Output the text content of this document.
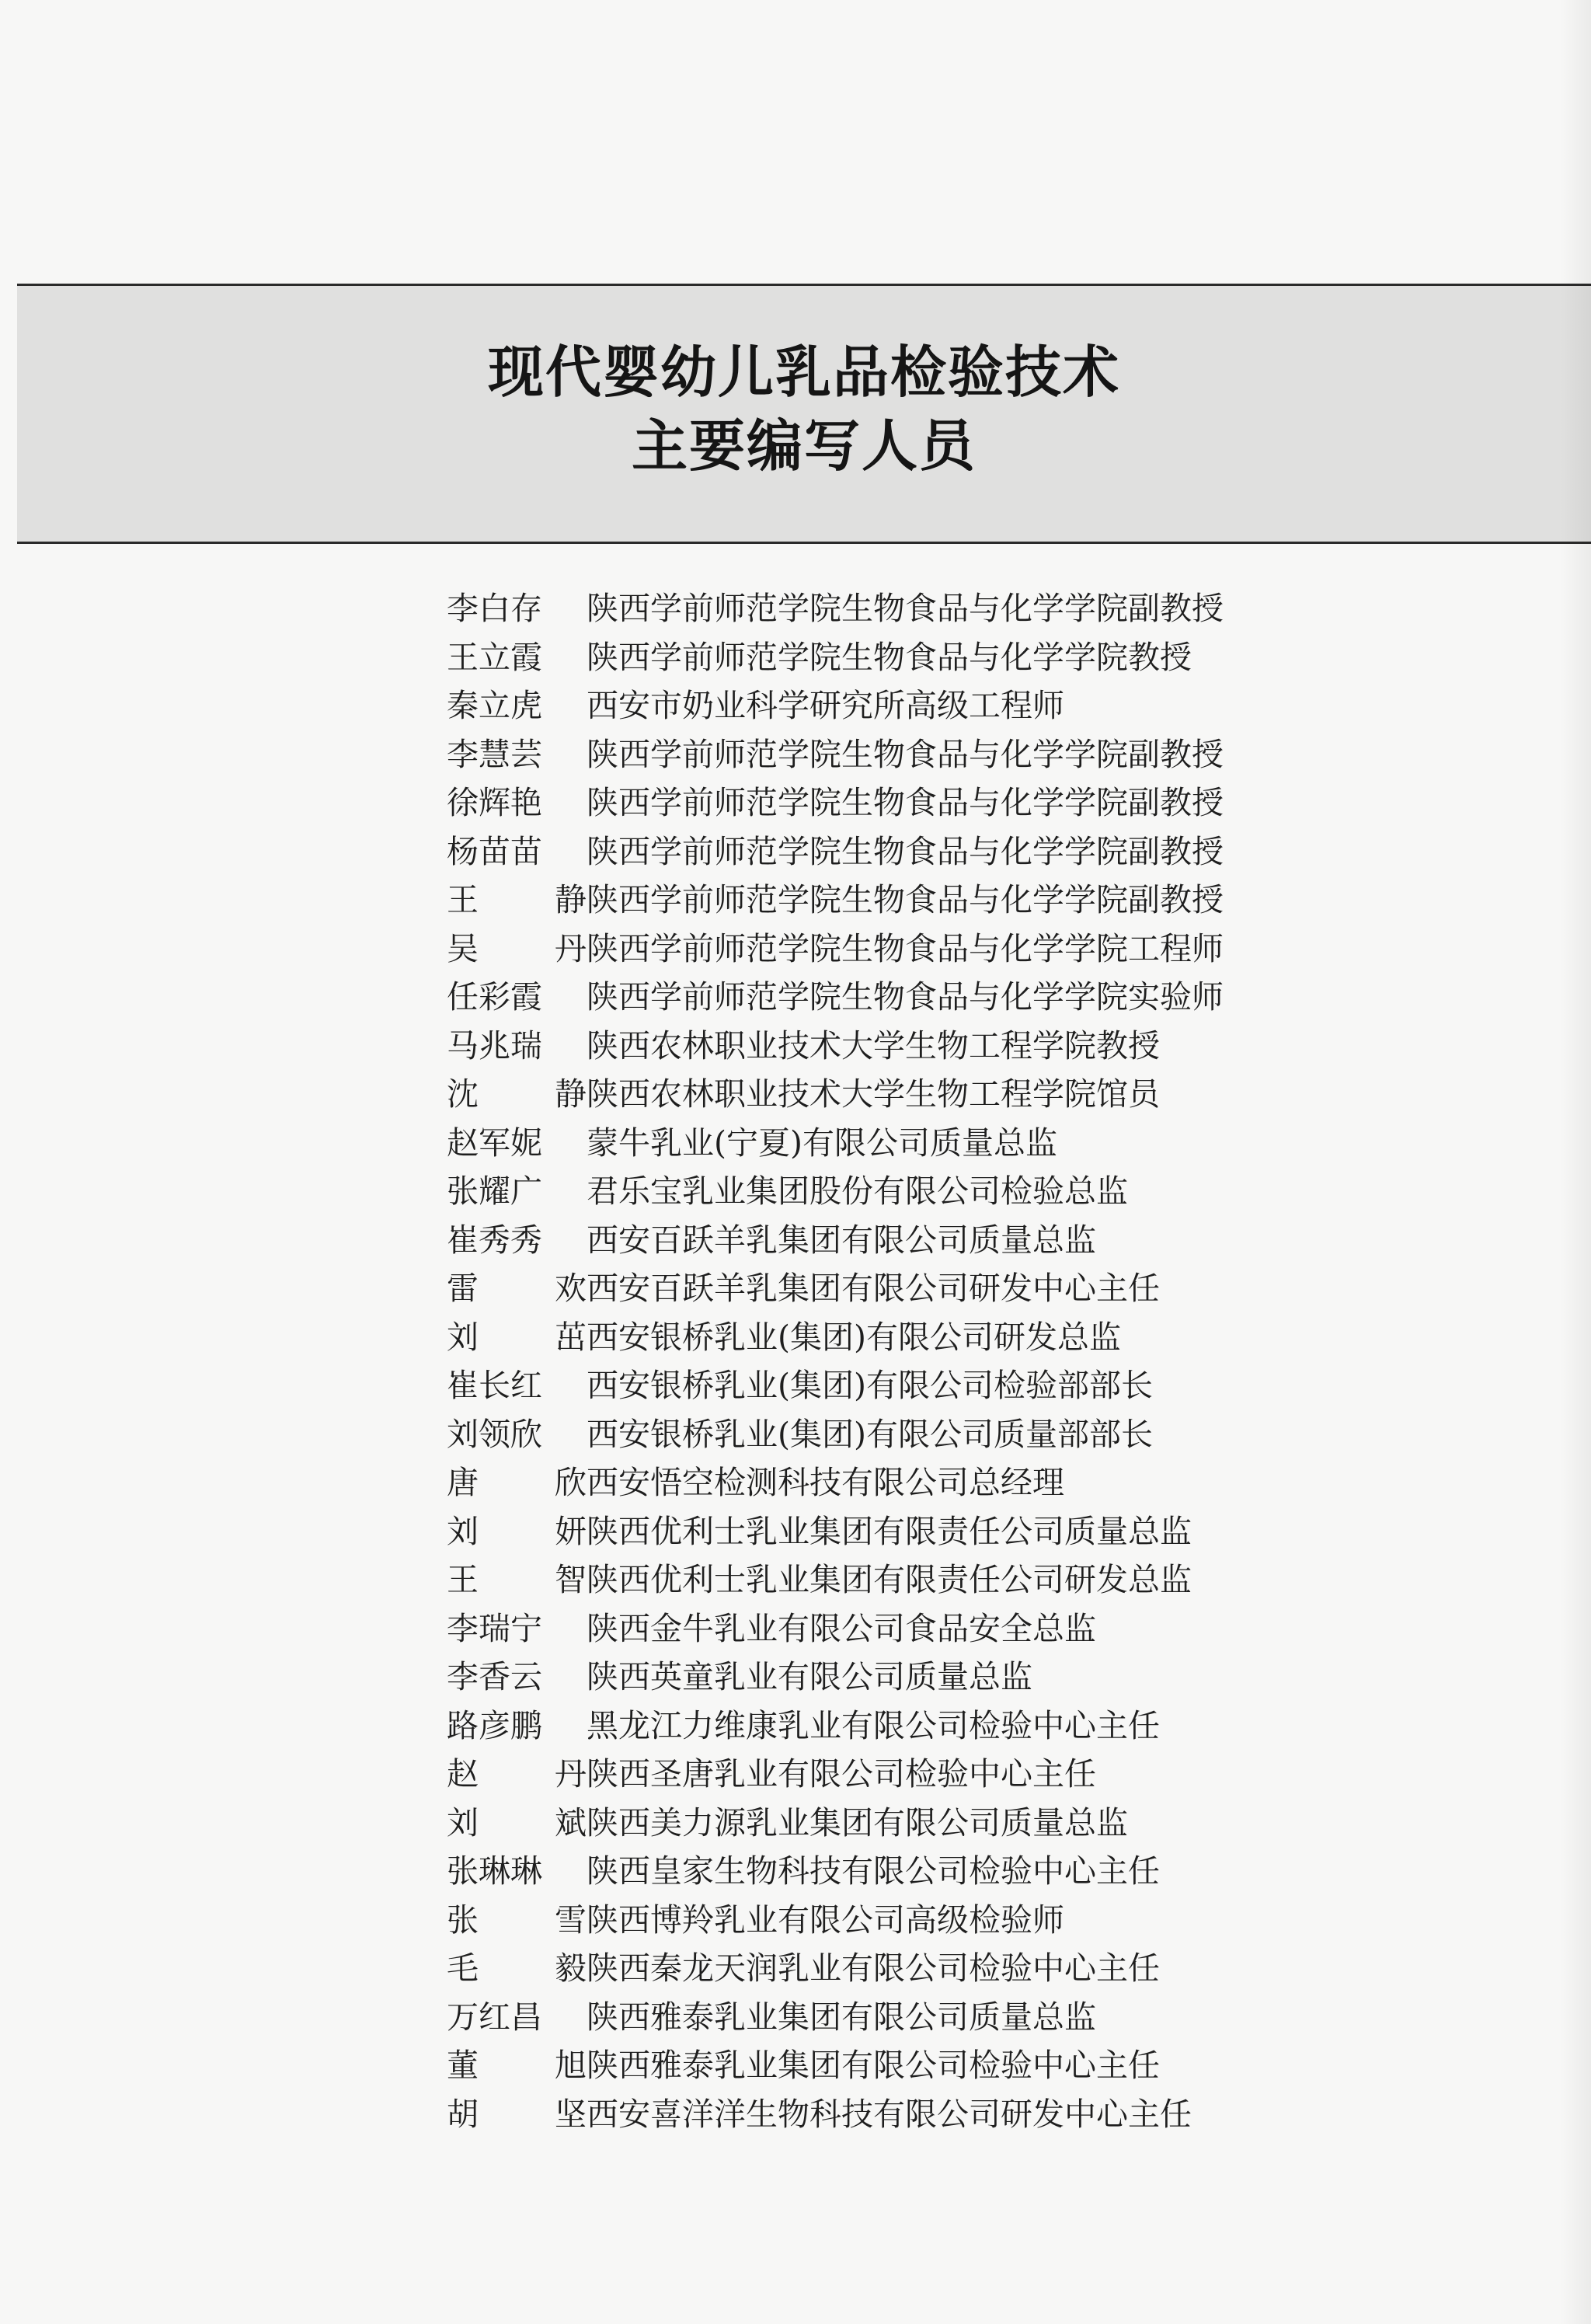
现代婴幼儿乳品检验技术
主要编写人员
李白存 陕西学前师范学院生物食品与化学学院副教授
王立霞 陕西学前师范学院生物食品与化学学院教授
秦立虎 西安市奶业科学研究所高级工程师
李慧芸 陕西学前师范学院生物食品与化学学院副教授
徐辉艳 陕西学前师范学院生物食品与化学学院副教授
杨苗苗 陕西学前师范学院生物食品与化学学院副教授
王　静陕西学前师范学院生物食品与化学学院副教授
吴　丹陕西学前师范学院生物食品与化学学院工程师
任彩霞 陕西学前师范学院生物食品与化学学院实验师
马兆瑞 陕西农林职业技术大学生物工程学院教授
沈　静陕西农林职业技术大学生物工程学院馆员
赵军妮 蒙牛乳业(宁夏)有限公司质量总监
张耀广 君乐宝乳业集团股份有限公司检验总监
崔秀秀 西安百跃羊乳集团有限公司质量总监
雷　欢西安百跃羊乳集团有限公司研发中心主任
刘　茁西安银桥乳业(集团)有限公司研发总监
崔长红 西安银桥乳业(集团)有限公司检验部部长
刘领欣 西安银桥乳业(集团)有限公司质量部部长
唐　欣西安悟空检测科技有限公司总经理
刘　妍陕西优利士乳业集团有限责任公司质量总监
王　智陕西优利士乳业集团有限责任公司研发总监
李瑞宁 陕西金牛乳业有限公司食品安全总监
李香云 陕西英童乳业有限公司质量总监
路彦鹏 黑龙江力维康乳业有限公司检验中心主任
赵　丹陕西圣唐乳业有限公司检验中心主任
刘　斌陕西美力源乳业集团有限公司质量总监
张琳琳 陕西皇家生物科技有限公司检验中心主任
张　雪陕西博羚乳业有限公司高级检验师
毛　毅陕西秦龙天润乳业有限公司检验中心主任
万红昌 陕西雅泰乳业集团有限公司质量总监
董　旭陕西雅泰乳业集团有限公司检验中心主任
胡　坚西安喜洋洋生物科技有限公司研发中心主任
